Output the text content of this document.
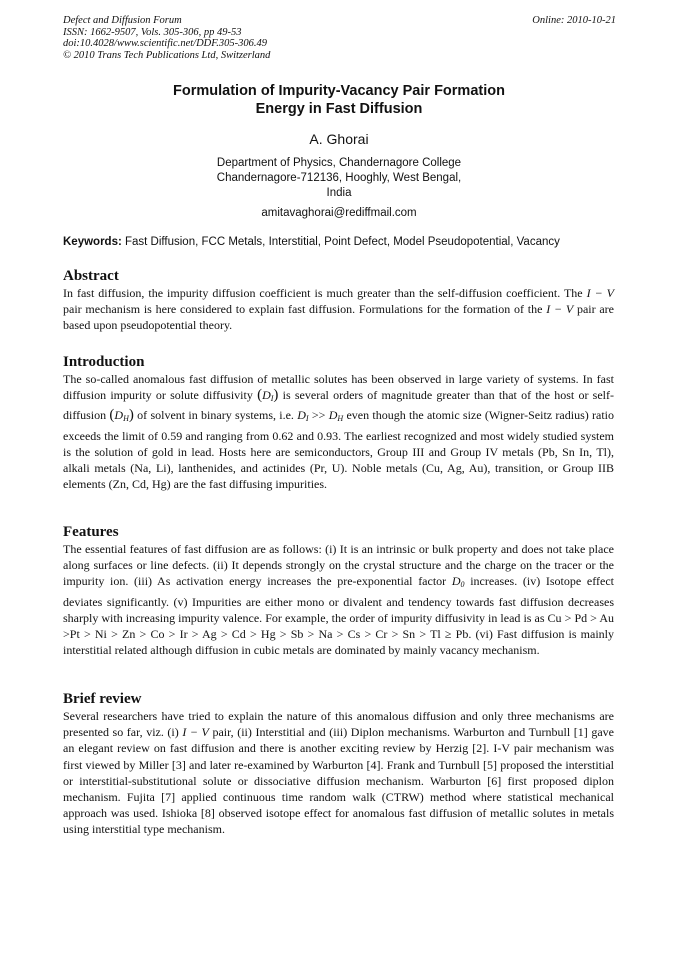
Defect and Diffusion Forum
ISSN: 1662-9507, Vols. 305-306, pp 49-53
doi:10.4028/www.scientific.net/DDF.305-306.49
© 2010 Trans Tech Publications Ltd, Switzerland
Online: 2010-10-21
Formulation of Impurity-Vacancy Pair Formation
Energy in Fast Diffusion
A. Ghorai
Department of Physics, Chandernagore College
Chandernagore-712136, Hooghly, West Bengal,
India
amitavaghorai@rediffmail.com
Keywords: Fast Diffusion, FCC Metals, Interstitial, Point Defect, Model Pseudopotential, Vacancy
Abstract

In fast diffusion, the impurity diffusion coefficient is much greater than the self-diffusion coefficient. The I − V pair mechanism is here considered to explain fast diffusion. Formulations for the formation of the I − V pair are based upon pseudopotential theory.

Introduction

The so-called anomalous fast diffusion of metallic solutes has been observed in large variety of systems. In fast diffusion impurity or solute diffusivity $(D_I)$ is several orders of magnitude greater than that of the host or self-diffusion $(D_H)$ of solvent in binary systems, i.e. $D_I >> D_H$ even though the atomic size (Wigner-Seitz radius) ratio exceeds the limit of 0.59 and ranging from 0.62 and 0.93. The earliest recognized and most widely studied system is the solution of gold in lead. Hosts here are semiconductors, Group III and Group IV metals (Pb, Sn In, Tl), alkali metals (Na, Li), lanthenides, and actinides (Pr, U). Noble metals (Cu, Ag, Au), transition, or Group IIB elements (Zn, Cd, Hg) are the fast diffusing impurities.

Features

The essential features of fast diffusion are as follows: (i) It is an intrinsic or bulk property and does not take place along surfaces or line defects. (ii) It depends strongly on the crystal structure and the charge on the tracer or the impurity ion. (iii) As activation energy increases the pre-exponential factor $D_0$ increases. (iv) Isotope effect deviates significantly. (v) Impurities are either mono or divalent and tendency towards fast diffusion decreases sharply with increasing impurity valence. For example, the order of impurity diffusivity in lead is as Cu > Pd > Au >Pt > Ni > Zn > Co > Ir > Ag > Cd > Hg > Sb > Na > Cs > Cr > Sn > Tl ≥ Pb. (vi) Fast diffusion is mainly interstitial related although diffusion in cubic metals are dominated by mainly vacancy mechanism.

Brief review

Several researchers have tried to explain the nature of this anomalous diffusion and only three mechanisms are presented so far, viz. (i) I − V pair, (ii) Interstitial and (iii) Diplon mechanisms. Warburton and Turnbull [1] gave an elegant review on fast diffusion and there is another exciting review by Herzig [2]. I-V pair mechanism was first viewed by Miller [3] and later re-examined by Warburton [4]. Frank and Turnbull [5] proposed the interstitial or interstitial-substitutional solute or dissociative diffusion mechanism. Warburton [6] first proposed diplon mechanism. Fujita [7] applied continuous time random walk (CTRW) method where statistical mechanical approach was used. Ishioka [8] observed isotope effect for anomalous fast diffusion of metallic solutes in metals using interstitial type mechanism.
